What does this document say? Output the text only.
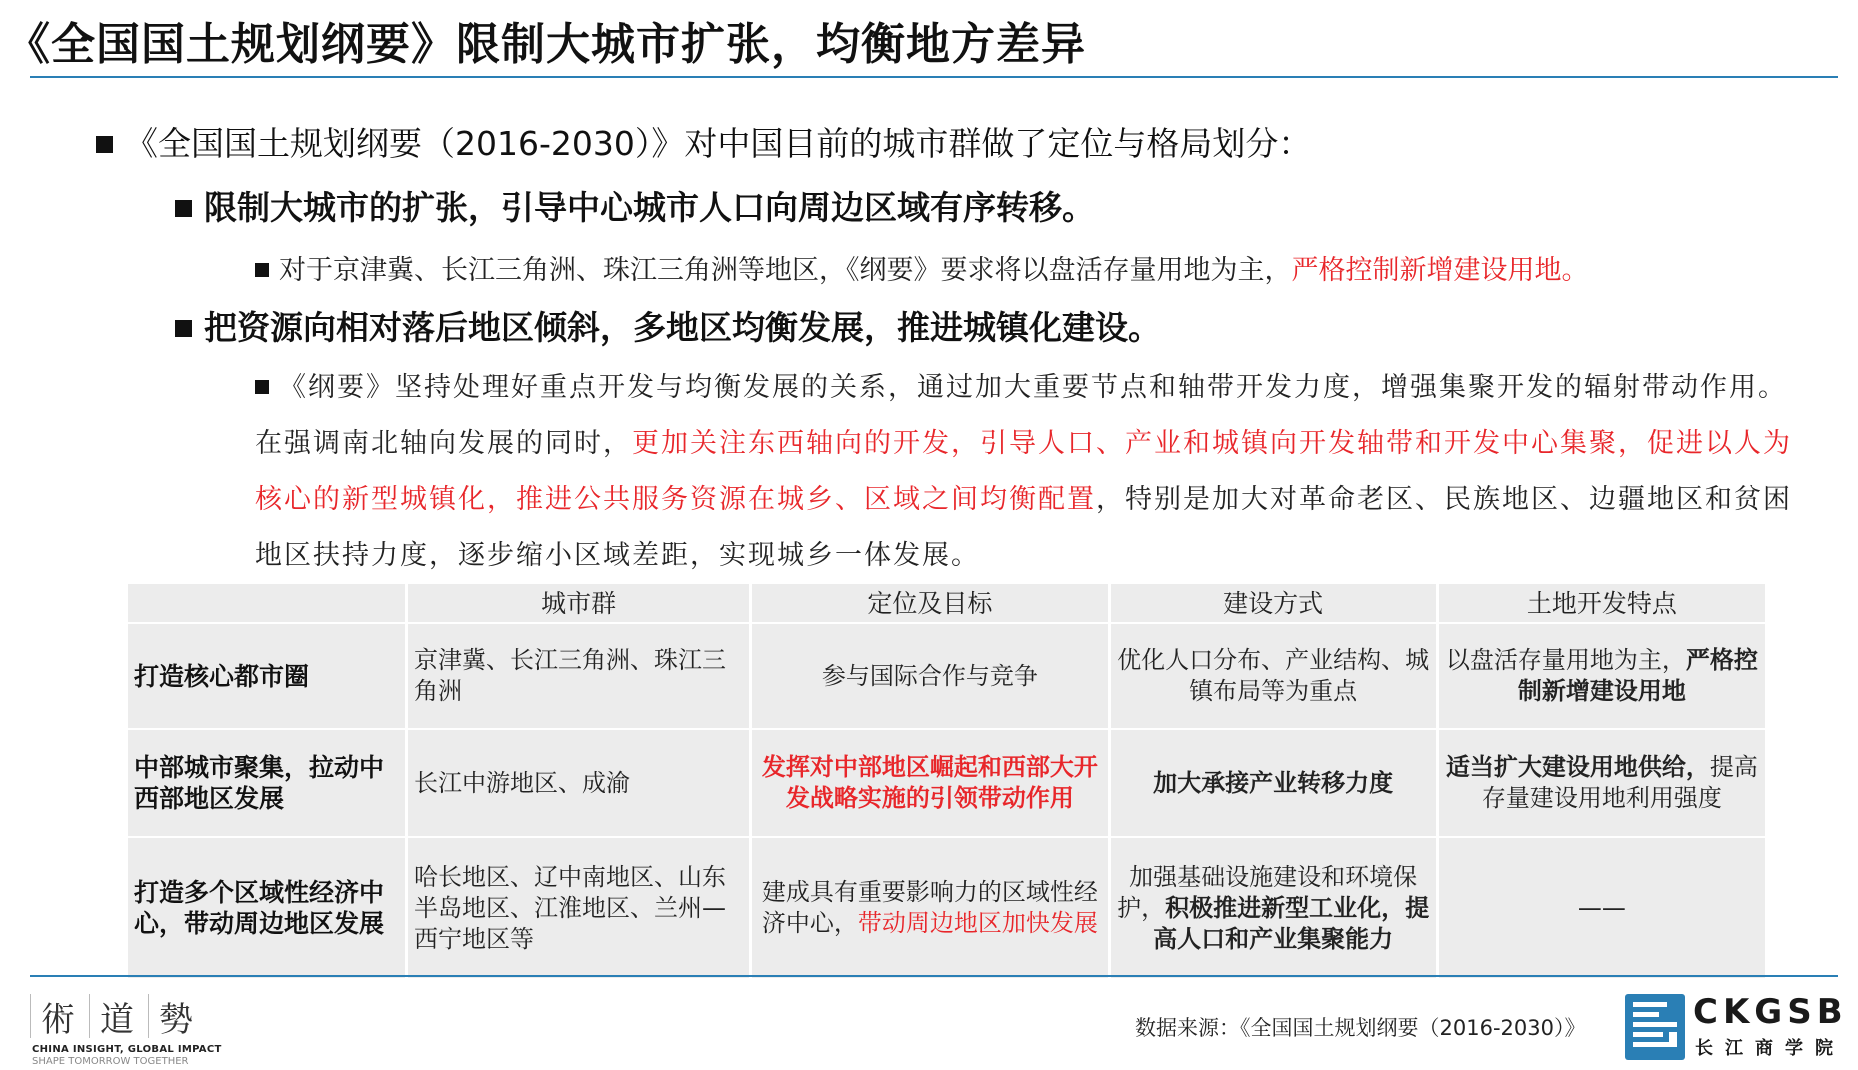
《全国国土规划纲要》限制大城市扩张，均衡地方差异
《全国国土规划纲要（2016-2030）》对中国目前的城市群做了定位与格局划分：
限制大城市的扩张，引导中心城市人口向周边区域有序转移。
对于京津冀、长江三角洲、珠江三角洲等地区，《纲要》要求将以盘活存量用地为主，严格控制新增建设用地。
把资源向相对落后地区倾斜，多地区均衡发展，推进城镇化建设。
《纲要》坚持处理好重点开发与均衡发展的关系，通过加大重要节点和轴带开发力度，增强集聚开发的辐射带动作用。在强调南北轴向发展的同时，更加关注东西轴向的开发，引导人口、产业和城镇向开发轴带和开发中心集聚，促进以人为核心的新型城镇化，推进公共服务资源在城乡、区域之间均衡配置，特别是加大对革命老区、民族地区、边疆地区和贫困地区扶持力度，逐步缩小区域差距，实现城乡一体发展。
	城市群	定位及目标	建设方式	土地开发特点
打造核心都市圈	京津冀、长江三角洲、珠江三角洲	参与国际合作与竞争	优化人口分布、产业结构、城镇布局等为重点	以盘活存量用地为主，严格控制新增建设用地
中部城市聚集，拉动中西部地区发展	长江中游地区、成渝	发挥对中部地区崛起和西部大开发战略实施的引领带动作用	加大承接产业转移力度	适当扩大建设用地供给，提高存量建设用地利用强度
打造多个区域性经济中心，带动周边地区发展	哈长地区、辽中南地区、山东半岛地区、江淮地区、兰州—西宁地区等	建成具有重要影响力的区域性经济中心，带动周边地区加快发展	加强基础设施建设和环境保护，积极推进新型工业化，提高人口和产业集聚能力	——
術 道 勢
CHINA INSIGHT, GLOBAL IMPACT
SHAPE TOMORROW TOGETHER
数据来源：《全国国土规划纲要（2016-2030）》	CKGSB
长江商学院
